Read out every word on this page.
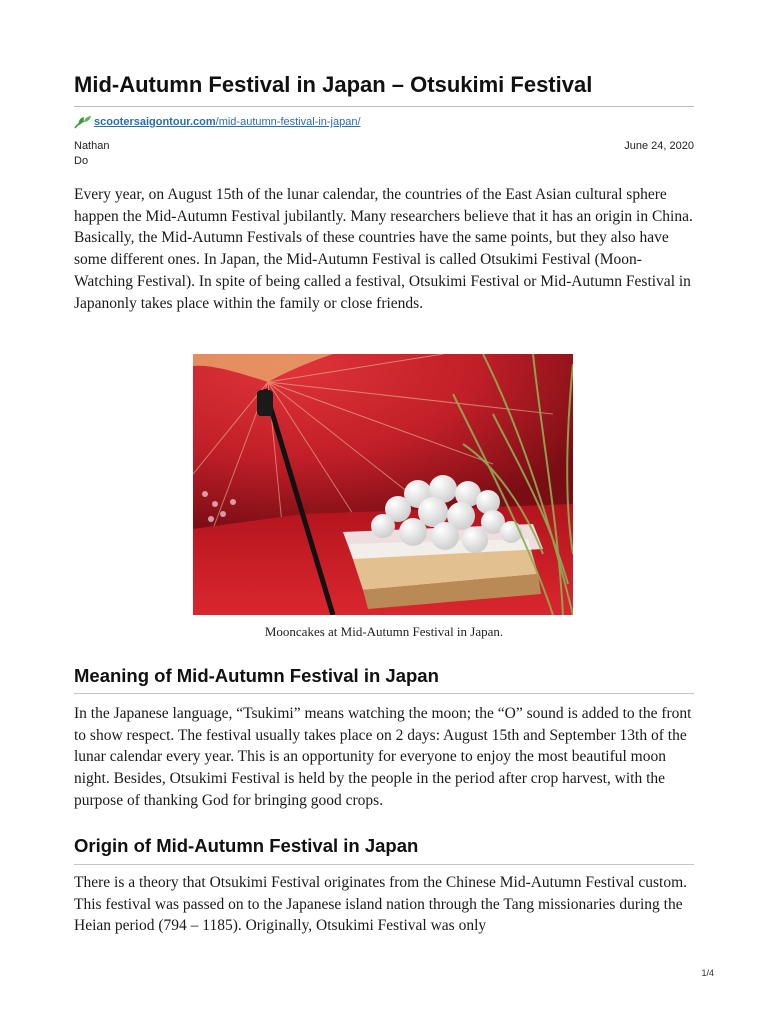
Mid-Autumn Festival in Japan – Otsukimi Festival
scootersaigontour.com /mid-autumn-festival-in-japan/
Nathan
Do
June 24, 2020

Every year, on August 15th of the lunar calendar, the countries of the East Asian cultural sphere happen the Mid-Autumn Festival jubilantly. Many researchers believe that it has an origin in China. Basically, the Mid-Autumn Festivals of these countries have the same points, but they also have some different ones. In Japan, the Mid-Autumn Festival is called Otsukimi Festival (Moon-Watching Festival). In spite of being called a festival, Otsukimi Festival or Mid-Autumn Festival in Japanonly takes place within the family or close friends.

Mooncakes at Mid-Autumn Festival in Japan.
Meaning of Mid-Autumn Festival in Japan

In the Japanese language, “Tsukimi” means watching the moon; the “O” sound is added to the front to show respect. The festival usually takes place on 2 days: August 15th and September 13th of the lunar calendar every year. This is an opportunity for everyone to enjoy the most beautiful moon night. Besides, Otsukimi Festival is held by the people in the period after crop harvest, with the purpose of thanking God for bringing good crops.

Origin of Mid-Autumn Festival in Japan

There is a theory that Otsukimi Festival originates from the Chinese Mid-Autumn Festival custom. This festival was passed on to the Japanese island nation through the Tang missionaries during the Heian period (794 – 1185). Originally, Otsukimi Festival was only

1/4
